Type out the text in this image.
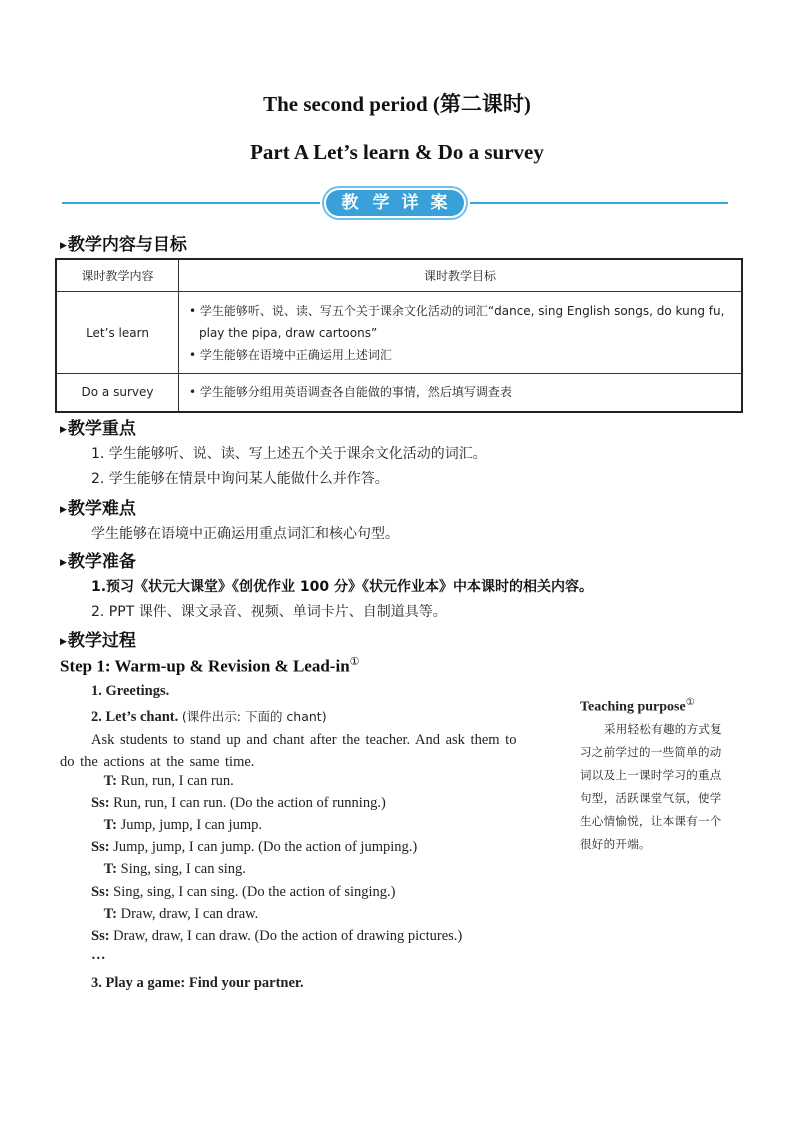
The second period (第二课时)
Part A Let’s learn & Do a survey
教 学 详 案
▶教学内容与目标
课时教学内容	课时教学目标
Let’s learn	• 学生能够听、说、读、写五个关于课余文化活动的词汇“dance, sing English songs, do kung fu, play the pipa, draw cartoons”
• 学生能够在语境中正确运用上述词汇

Do a survey	• 学生能够分组用英语调查各自能做的事情，然后填写调查表
▶教学重点
1. 学生能够听、说、读、写上述五个关于课余文化活动的词汇。
2. 学生能够在情景中询问某人能做什么并作答。
▶教学难点
学生能够在语境中正确运用重点词汇和核心句型。
▶教学准备
1.预习《状元大课堂》《创优作业 100 分》《状元作业本》中本课时的相关内容。
2. PPT 课件、课文录音、视频、单词卡片、自制道具等。
▶教学过程
Step 1: Warm-up & Revision & Lead-in①
1. Greetings.
2. Let’s chant. (课件出示: 下面的 chant)
Ask students to stand up and chant after the teacher. And ask them to do the actions at the same time.
T: Run, run, I can run.
Ss: Run, run, I can run. (Do the action of running.)
T: Jump, jump, I can jump.
Ss: Jump, jump, I can jump. (Do the action of jumping.)
T: Sing, sing, I can sing.
Ss: Sing, sing, I can sing. (Do the action of singing.)
T: Draw, draw, I can draw.
Ss: Draw, draw, I can draw. (Do the action of drawing pictures.)
…
3. Play a game: Find your partner.
Teaching purpose①
采用轻松有趣的方式复
习之前学过的一些简单的动
词以及上一课时学习的重点
句型，活跃课堂气氛，使学
生心情愉悦，让本课有一个
很好的开端。
